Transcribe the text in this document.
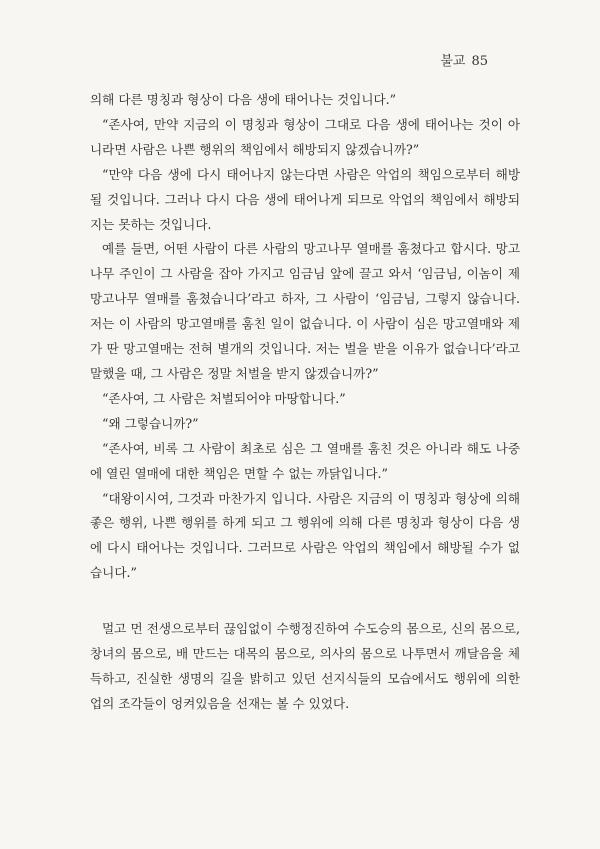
불교 85

의해 다른 명칭과 형상이 다음 생에 태어나는 것입니다.”

“존사여, 만약 지금의 이 명칭과 형상이 그대로 다음 생에 태어나는 것이 아니라면 사람은 나쁜 행위의 책임에서 해방되지 않겠습니까?”

“만약 다음 생에 다시 태어나지 않는다면 사람은 악업의 책임으로부터 해방될 것입니다. 그러나 다시 다음 생에 태어나게 되므로 악업의 책임에서 해방되지는 못하는 것입니다.

예를 들면, 어떤 사람이 다른 사람의 망고나무 열매를 훔쳤다고 합시다. 망고나무 주인이 그 사람을 잡아 가지고 임금님 앞에 끌고 와서 ‘임금님, 이놈이 제 망고나무 열매를 훔쳤습니다’라고 하자, 그 사람이 ‘임금님, 그렇지 않습니다. 저는 이 사람의 망고열매를 훔친 일이 없습니다. 이 사람이 심은 망고열매와 제가 딴 망고열매는 전혀 별개의 것입니다. 저는 벌을 받을 이유가 없습니다’라고 말했을 때, 그 사람은 정말 처벌을 받지 않겠습니까?”

“존사여, 그 사람은 처벌되어야 마땅합니다.”

“왜 그렇습니까?”

“존사여, 비록 그 사람이 최초로 심은 그 열매를 훔친 것은 아니라 해도 나중에 열린 열매에 대한 책임은 면할 수 없는 까닭입니다.”

“대왕이시여, 그것과 마찬가지 입니다. 사람은 지금의 이 명칭과 형상에 의해 좋은 행위, 나쁜 행위를 하게 되고 그 행위에 의해 다른 명칭과 형상이 다음 생에 다시 태어나는 것입니다. 그러므로 사람은 악업의 책임에서 해방될 수가 없습니다.”

멀고 먼 전생으로부터 끊임없이 수행정진하여 수도승의 몸으로, 신의 몸으로, 창녀의 몸으로, 배 만드는 대목의 몸으로, 의사의 몸으로 나투면서 깨달음을 체득하고, 진실한 생명의 길을 밝히고 있던 선지식들의 모습에서도 행위에 의한 업의 조각들이 엉켜있음을 선재는 볼 수 있었다.
